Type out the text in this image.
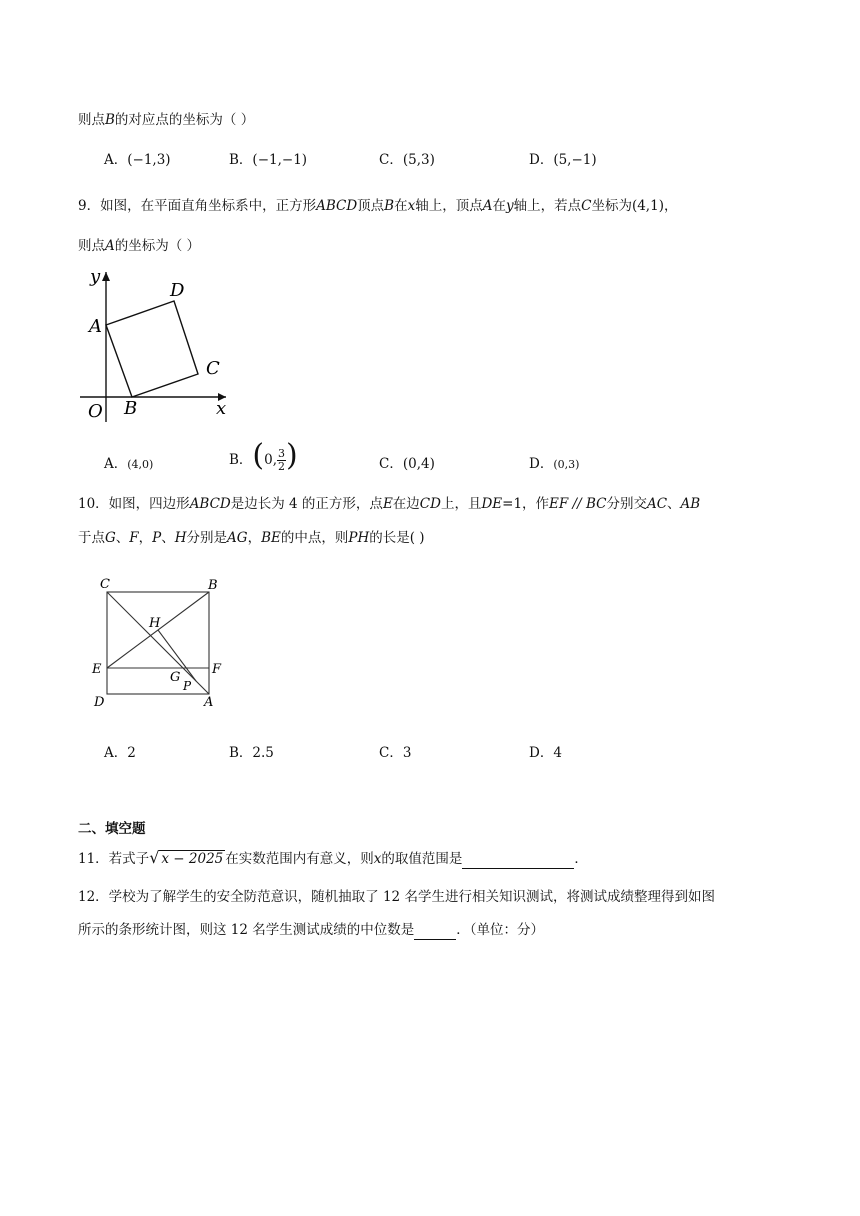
则点B的对应点的坐标为（ ）
A．(−1,3)	B．(−1,−1)	C．(5,3)	D．(5,−1)
9．如图，在平面直角坐标系中，正方形ABCD顶点B在x轴上，顶点A在y轴上，若点C坐标为(4,1)，
则点A的坐标为（ ）
y
x
O
A
B
C
D
A．(4,0)	B．(0, $\frac{3}{2}$ )	C．(0,4)	D．(0,3)
10．如图，四边形ABCD是边长为 4 的正方形，点E在边CD上，且DE=1，作EF // BC分别交AC、AB
于点G、F，P、H分别是AG，BE的中点，则PH的长是( )
C	B
H
E	F
G
P
D	A
A．2	B．2.5	C．3	D．4
二、填空题
11．若式子√ x − 2025 在实数范围内有意义，则x的取值范围是	．
12．学校为了解学生的安全防范意识，随机抽取了 12 名学生进行相关知识测试，将测试成绩整理得到如图
所示的条形统计图，则这 12 名学生测试成绩的中位数是	．（单位：分）
